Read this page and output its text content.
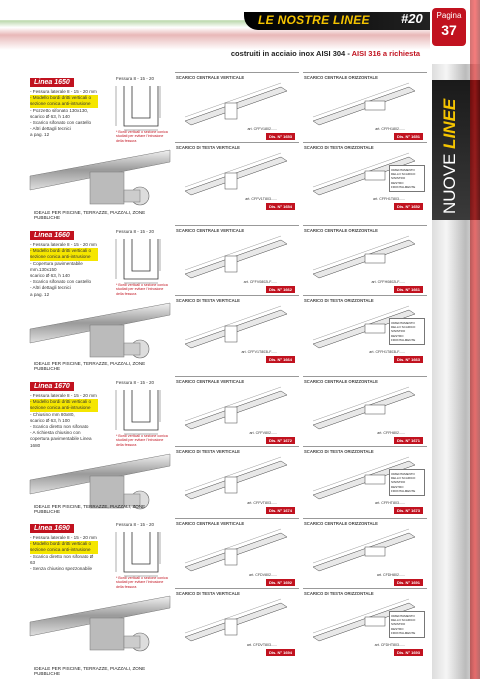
LE NOSTRE LINEE #20	Pagina
37
costruiti in acciaio inox AISI 304 - AISI 316 a richiesta
NUOVE LINEE
Linea 1650
- Fessura laterale 8 - 15 - 20 mm
- Modello bordi dritti verticali o sezione conica anti-intrusione
- Pozzetto sifonato 130x130, scarico Ø 63, h 140
- Scarico sifonato con castello
- Altri dettagli tecnici
a pag. 12
Fessura 8 - 15 - 20
* Bordi verticali o sezione conica studiati per evitare l'intrusione della fessura
IDEALE PER PISCINE, TERRAZZE, PIAZZALI, ZONE PUBBLICHE
SCARICO CENTRALE VERTICALE
art. CFFV1802......
Dis. N° 1653
SCARICO CENTRALE ORIZZONTALE
art. CFFH1802......
Dis. N° 1651
SCARICO DI TESTA VERTICALE
art. CFFV1T803......
Dis. N° 1654
SCARICO DI TESTA ORIZZONTALE
ORIENTAMENTO DELLO SCARICO
SINISTRO
DESTRO
FRONTALMENTE
art. CFFH1T803......
Dis. N° 1652
Linea 1660
- Fessura laterale 8 - 15 - 20 mm
- Modello bordi dritti verticali o sezione conica anti-intrusione
- Copertura pavimentabile mm.130x150
scarico Ø 63, h 140
- Scarico sifonato con castello
- Altri dettagli tecnici
a pag. 12
Fessura 8 - 15 - 20
* Bordi verticali o sezione conica studiati per evitare l'intrusione della fessura
IDEALE PER PISCINE, TERRAZZE, PIAZZALI, ZONE PUBBLICHE
SCARICO CENTRALE VERTICALE
art. CFFV0802LF......
Dis. N° 1662
SCARICO CENTRALE ORIZZONTALE
art. CFFH0802LF......
Dis. N° 1661
SCARICO DI TESTA VERTICALE
art. CFFV1T803LF......
Dis. N° 1664
SCARICO DI TESTA ORIZZONTALE
ORIENTAMENTO DELLO SCARICO
SINISTRO
DESTRO
FRONTALMENTE
art. CFFH1T803LF......
Dis. N° 1663
Linea 1670
- Fessura laterale 8 - 15 - 20 mm
- Modello bordi dritti verticali o sezione conica anti-intrusione
- Chiusino mm 80x80,
scarico Ø 63, h 100
- Scarico diretto non sifonato
- A richiesta chiusino con copertura pavimentabile Linea 1680
Fessura 8 - 15 - 20
* Bordi verticali o sezione conica studiati per evitare l'intrusione della fessura
IDEALE PER PISCINE, TERRAZZE, PIAZZALI, ZONE PUBBLICHE
SCARICO CENTRALE VERTICALE
art. CFFV802......
Dis. N° 1672
SCARICO CENTRALE ORIZZONTALE
art. CFFH802......
Dis. N° 1671
SCARICO DI TESTA VERTICALE
art. CFFVT803......
Dis. N° 1674
SCARICO DI TESTA ORIZZONTALE
ORIENTAMENTO DELLO SCARICO
SINISTRO
DESTRO
FRONTALMENTE
art. CFFHT803......
Dis. N° 1673
Linea 1690
- Fessura laterale 8 - 15 - 20 mm
- Modello bordi dritti verticali o sezione conica anti-intrusione
- Scarico diretto non sifonato Ø 63
- Senza chiusino spezzonabile
Fessura 8 - 15 - 20
* Bordi verticali o sezione conica studiati per evitare l'intrusione della fessura
IDEALE PER PISCINE, TERRAZZE, PIAZZALI, ZONE PUBBLICHE
SCARICO CENTRALE VERTICALE
art. CFDV802......
Dis. N° 1692
SCARICO CENTRALE ORIZZONTALE
art. CFDH802......
Dis. N° 1691
SCARICO DI TESTA VERTICALE
art. CFDVT803......
Dis. N° 1694
SCARICO DI TESTA ORIZZONTALE
ORIENTAMENTO DELLO SCARICO
SINISTRO
DESTRO
FRONTALMENTE
art. CFDHT803......
Dis. N° 1693
